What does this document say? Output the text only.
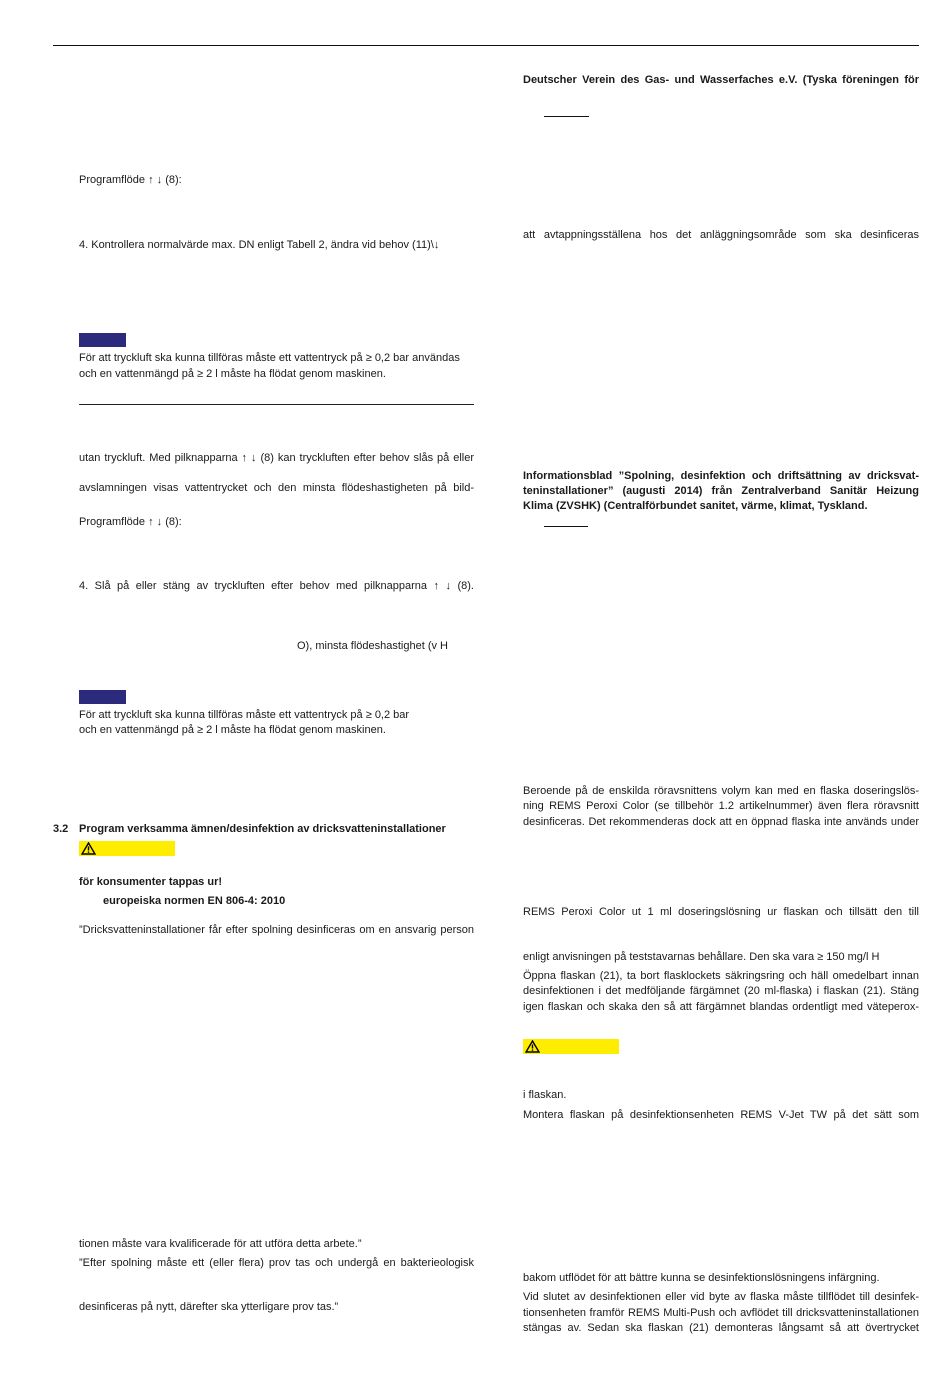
Programflöde ↑ ↓ (8):
4. Kontrollera normalvärde max. DN enligt Tabell 2, ändra vid behov (11)\↓
För att tryckluft ska kunna tillföras måste ett vattentryck på ≥ 0,2 bar användas
och en vattenmängd på ≥ 2 l måste ha flödat genom maskinen.
utan tryckluft. Med pilknapparna ↑ ↓ (8) kan tryckluften efter behov slås på eller
avslamningen visas vattentrycket och den minsta flödeshastigheten på bild-
Programflöde ↑ ↓ (8):
4. Slå på eller stäng av tryckluften efter behov med pilknapparna ↑ ↓ (8).
O), minsta flödeshastighet (v H
För att tryckluft ska kunna tillföras måste ett vattentryck på ≥ 0,2 bar
och en vattenmängd på ≥ 2 l måste ha flödat genom maskinen.
3.2 Program verksamma ämnen/desinfektion av dricksvatteninstallationer
för konsumenter tappas ur!
europeiska normen EN 806-4: 2010
”Dricksvatteninstallationer får efter spolning desinficeras om en ansvarig person
tionen måste vara kvalificerade för att utföra detta arbete.”
”Efter spolning måste ett (eller flera) prov tas och undergå en bakterieologisk
desinficeras på nytt, därefter ska ytterligare prov tas.”
Deutscher Verein des Gas- und Wasserfaches e.V. (Tyska föreningen för
att avtappningsställena hos det anläggningsområde som ska desinficeras
Informationsblad ”Spolning, desinfektion och driftsättning av dricksvat-
teninstallationer” (augusti 2014) från Zentralverband Sanitär Heizung
Klima (ZVSHK) (Centralförbundet sanitet, värme, klimat, Tyskland.
Beroende på de enskilda röravsnittens volym kan med en flaska doseringslös-
ning REMS Peroxi Color (se tillbehör 1.2 artikelnummer) även flera röravsnitt
desinficeras. Det rekommenderas dock att en öppnad flaska inte används under
REMS Peroxi Color ut 1 ml doseringslösning ur flaskan och tillsätt den till
enligt anvisningen på teststavarnas behållare. Den ska vara ≥ 150 mg/l H
Öppna flaskan (21), ta bort flasklockets säkringsring och häll omedelbart innan
desinfektionen i det medföljande färgämnet (20 ml-flaska) i flaskan (21). Stäng
igen flaskan och skaka den så att färgämnet blandas ordentligt med väteperox-
i flaskan.
Montera flaskan på desinfektionsenheten REMS V-Jet TW på det sätt som
bakom utflödet för att bättre kunna se desinfektionslösningens infärgning.
Vid slutet av desinfektionen eller vid byte av flaska måste tillflödet till desinfek-
tionsenheten framför REMS Multi-Push och avflödet till dricksvatteninstallationen
stängas av. Sedan ska flaskan (21) demonteras långsamt så att övertrycket
